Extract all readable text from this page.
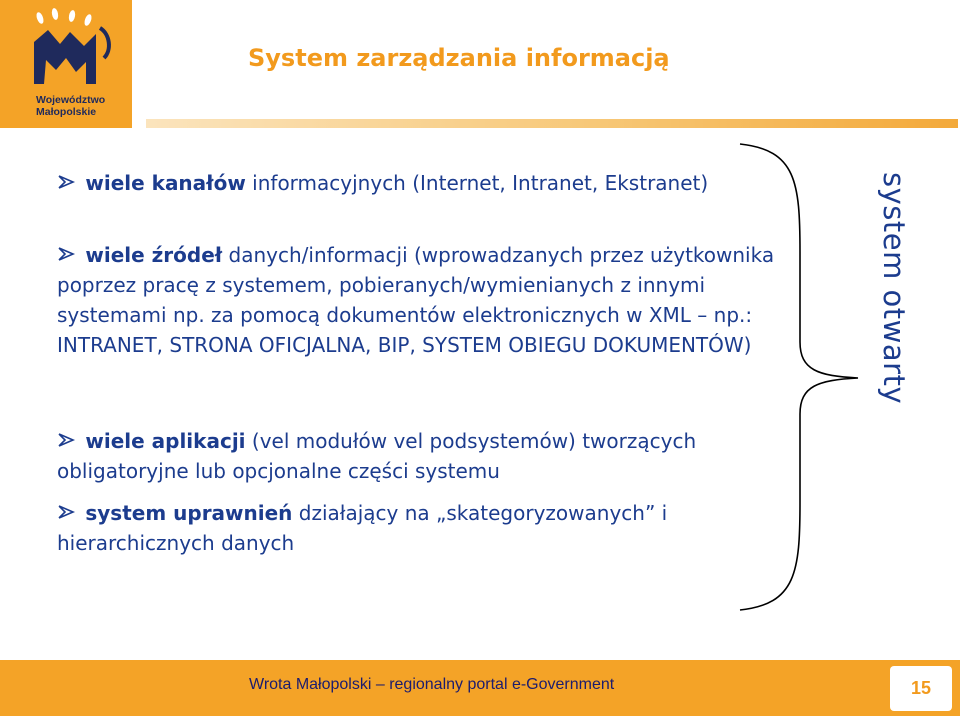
Województwo
Małopolskie
System zarządzania informacją
wiele kanałów informacyjnych (Internet, Intranet, Ekstranet)
wiele źródeł danych/informacji (wprowadzanych przez użytkownika poprzez pracę z systemem, pobieranych/wymienianych z innymi systemami np. za pomocą dokumentów elektronicznych w XML – np.: INTRANET, STRONA OFICJALNA, BIP, SYSTEM OBIEGU DOKUMENTÓW)
wiele aplikacji (vel modułów vel podsystemów) tworzących obligatoryjne lub opcjonalne części systemu
system uprawnień działający na „skategoryzowanych” i hierarchicznych danych
system otwarty
Wrota Małopolski – regionalny portal e-Government	15
